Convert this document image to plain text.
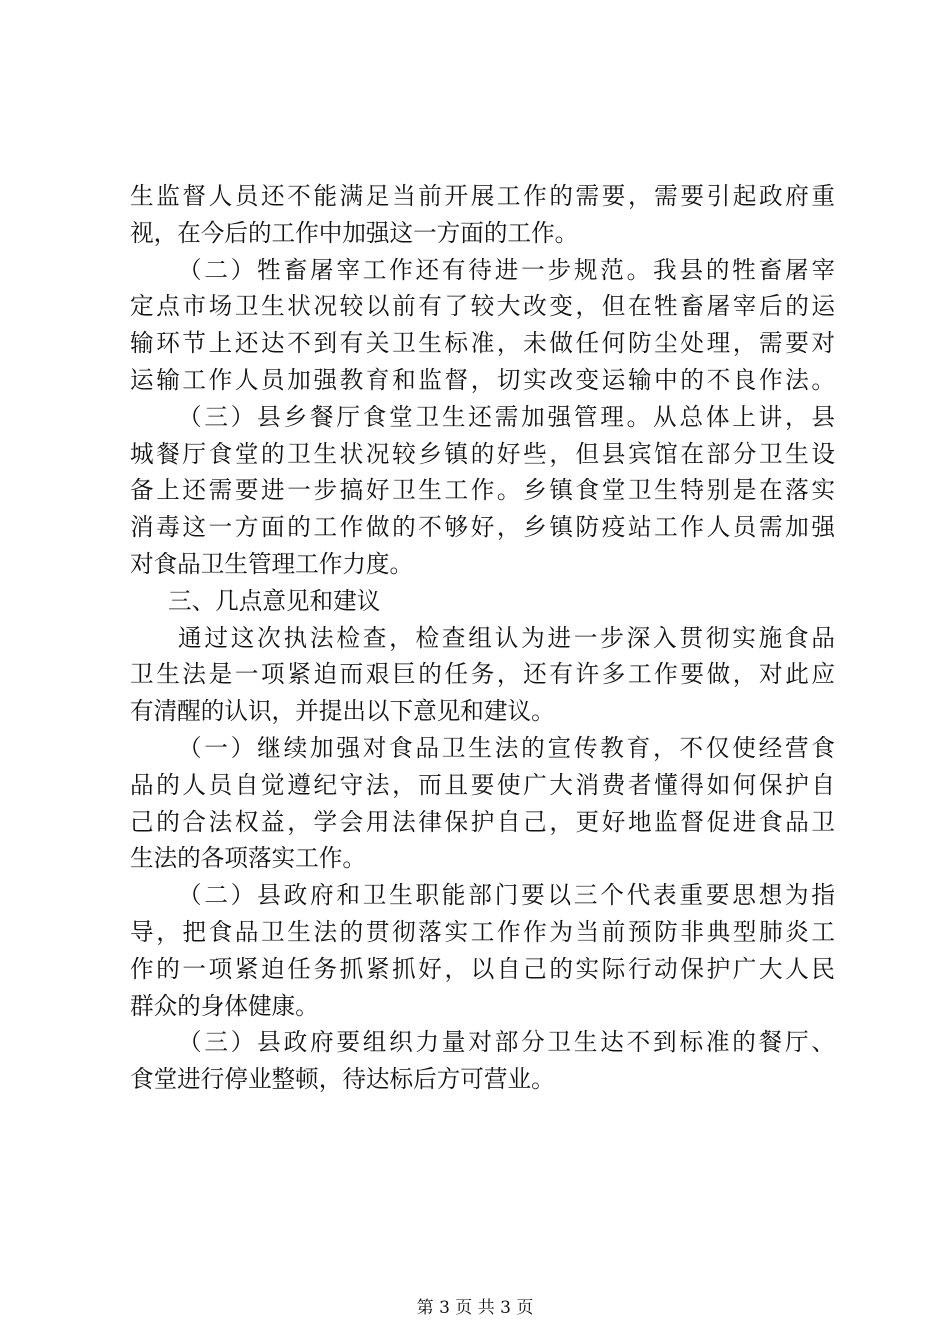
生监督人员还不能满足当前开展工作的需要，需要引起政府重
视，在今后的工作中加强这一方面的工作。
（二）牲畜屠宰工作还有待进一步规范。我县的牲畜屠宰
定点市场卫生状况较以前有了较大改变，但在牲畜屠宰后的运
输环节上还达不到有关卫生标准，未做任何防尘处理，需要对
运输工作人员加强教育和监督，切实改变运输中的不良作法。
（三）县乡餐厅食堂卫生还需加强管理。从总体上讲，县
城餐厅食堂的卫生状况较乡镇的好些，但县宾馆在部分卫生设
备上还需要进一步搞好卫生工作。乡镇食堂卫生特别是在落实
消毒这一方面的工作做的不够好，乡镇防疫站工作人员需加强
对食品卫生管理工作力度。
三、几点意见和建议
通过这次执法检查，检查组认为进一步深入贯彻实施食品
卫生法是一项紧迫而艰巨的任务，还有许多工作要做，对此应
有清醒的认识，并提出以下意见和建议。
（一）继续加强对食品卫生法的宣传教育，不仅使经营食
品的人员自觉遵纪守法，而且要使广大消费者懂得如何保护自
己的合法权益，学会用法律保护自己，更好地监督促进食品卫
生法的各项落实工作。
（二）县政府和卫生职能部门要以三个代表重要思想为指
导，把食品卫生法的贯彻落实工作作为当前预防非典型肺炎工
作的一项紧迫任务抓紧抓好，以自己的实际行动保护广大人民
群众的身体健康。
（三）县政府要组织力量对部分卫生达不到标准的餐厅、
食堂进行停业整顿，待达标后方可营业。
第 3 页 共 3 页
